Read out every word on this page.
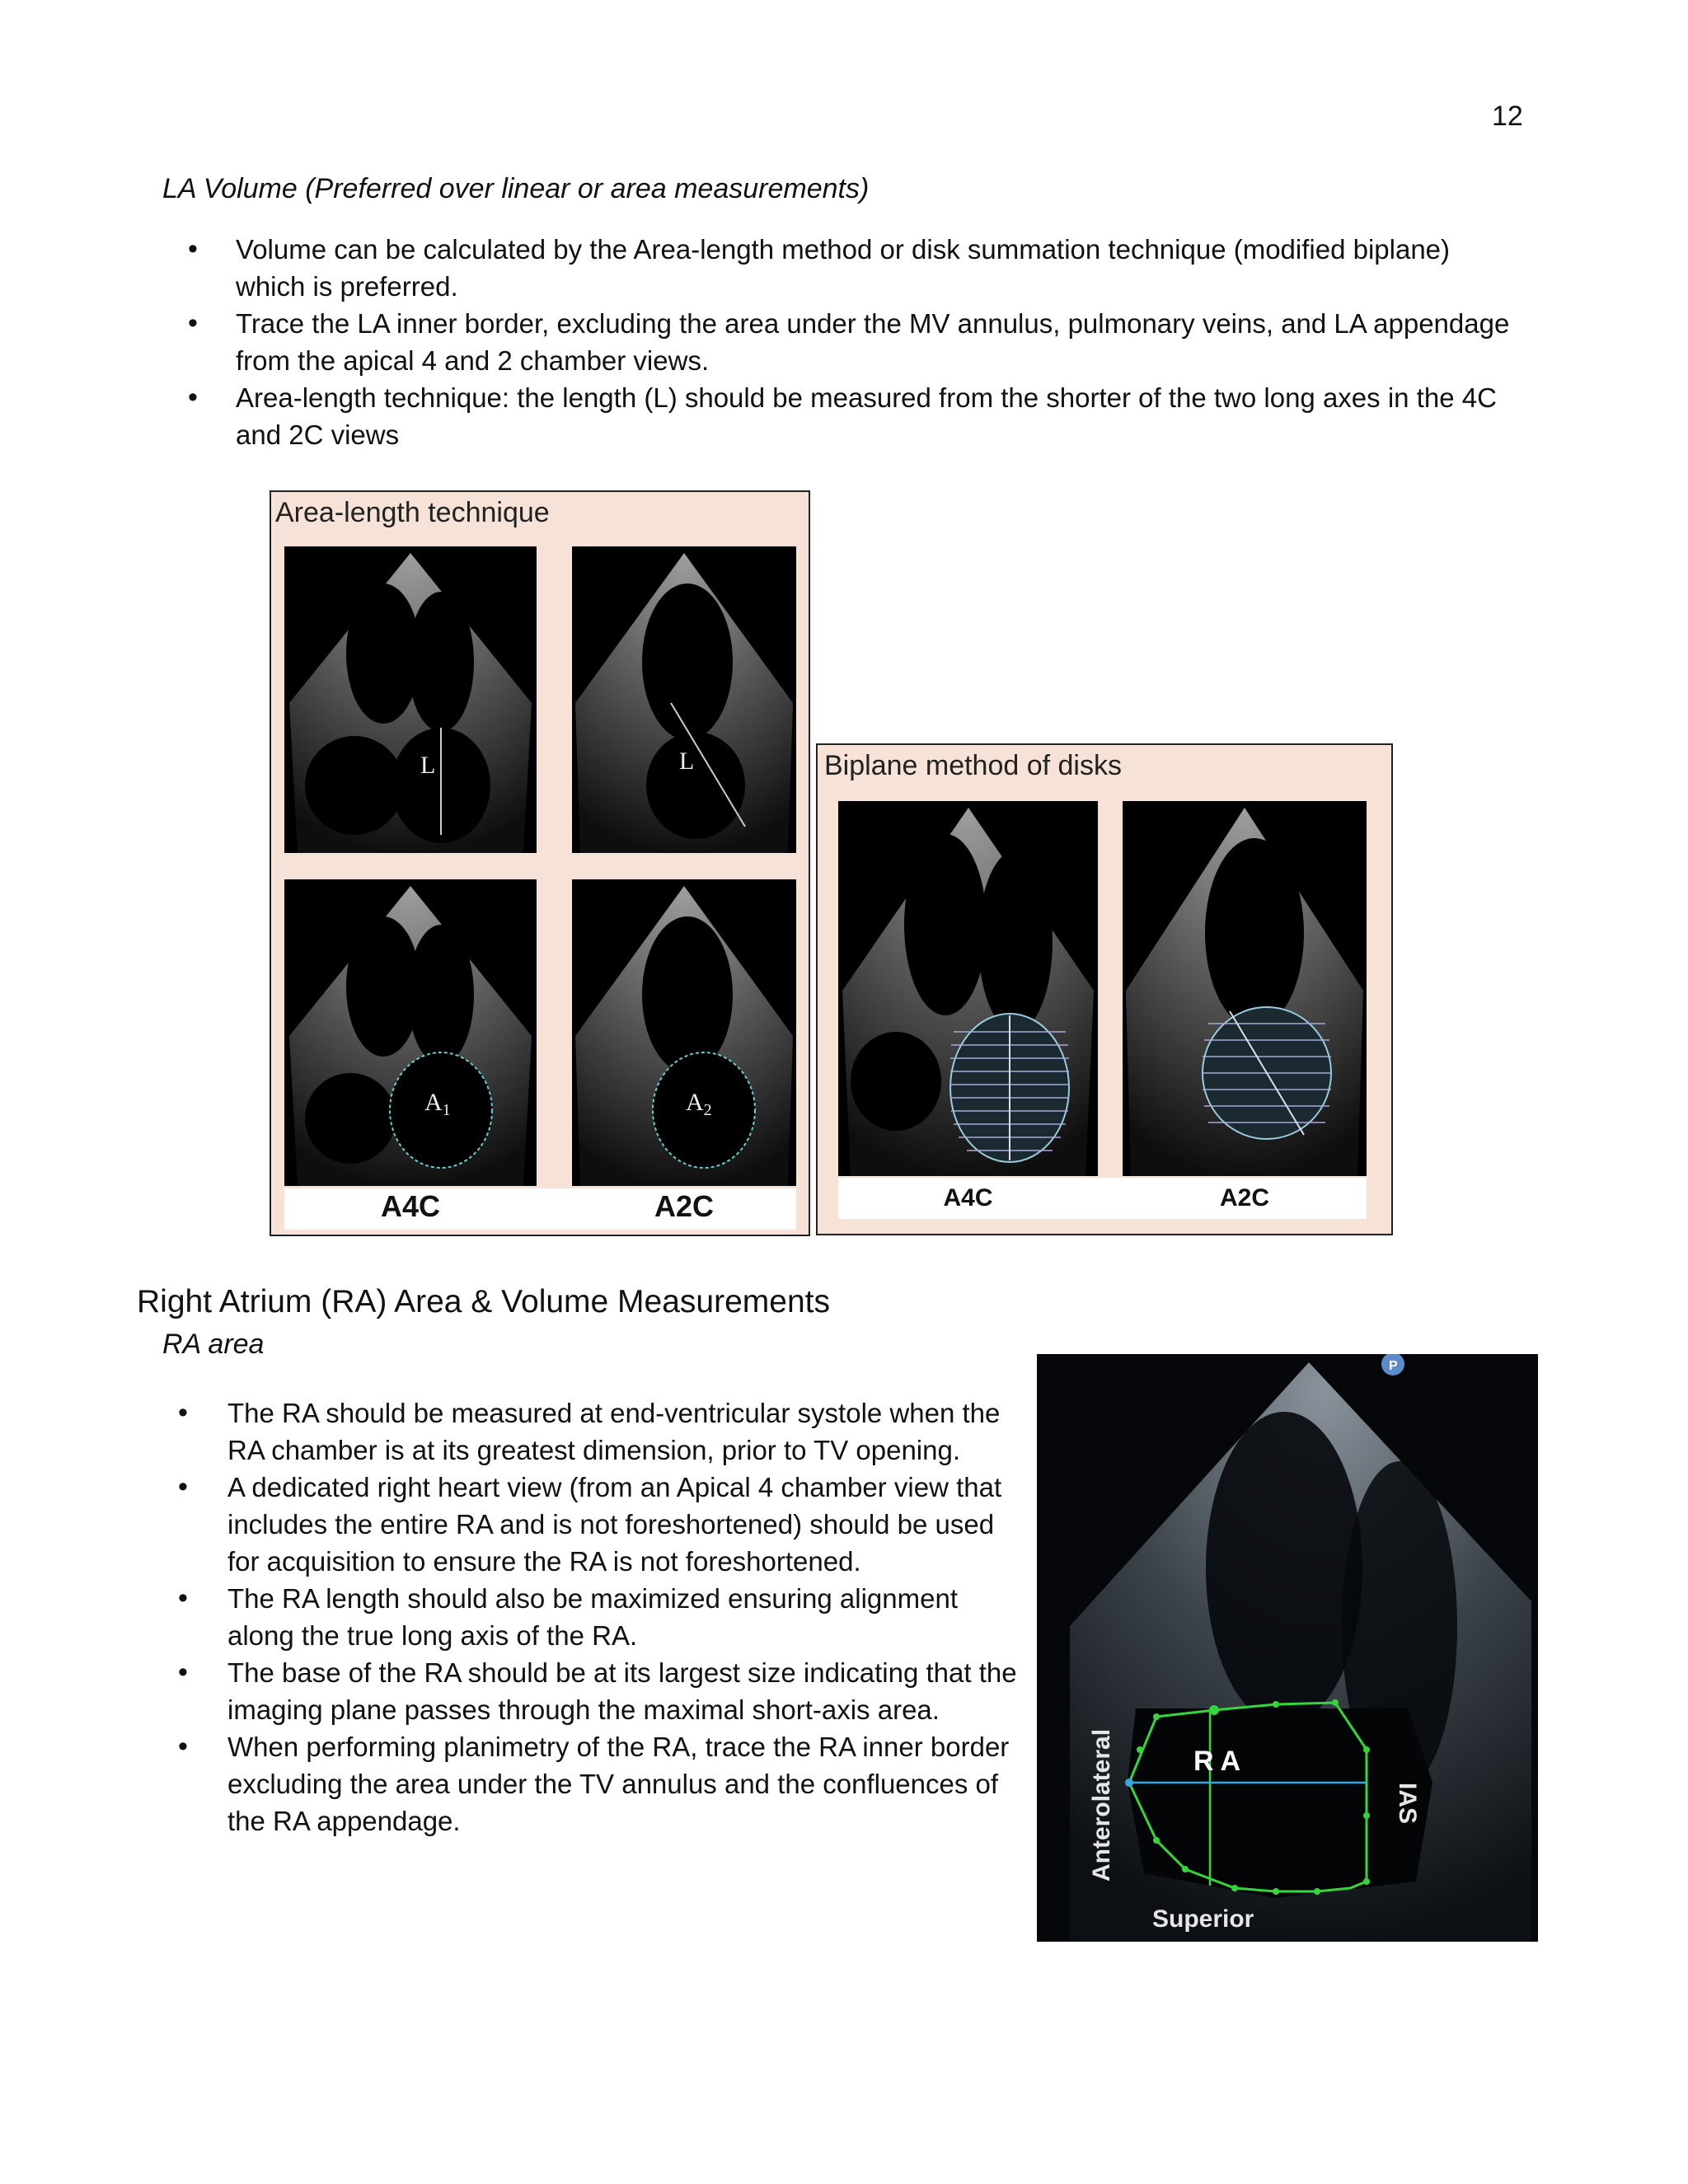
12
LA Volume (Preferred over linear or area measurements)
• Volume can be calculated by the Area-length method or disk summation technique (modified biplane) which is preferred.
• Trace the LA inner border, excluding the area under the MV annulus, pulmonary veins, and LA appendage from the apical 4 and 2 chamber views.
• Area-length technique: the length (L) should be measured from the shorter of the two long axes in the 4C and 2C views
Area-length technique
L	L
$A_1$	$A_2$
A4C	A2C
Biplane method of disks
A4C	A2C
Right Atrium (RA) Area & Volume Measurements
RA area
• The RA should be measured at end-ventricular systole when the RA chamber is at its greatest dimension, prior to TV opening.
• A dedicated right heart view (from an Apical 4 chamber view that includes the entire RA and is not foreshortened) should be used for acquisition to ensure the RA is not foreshortened.
• The RA length should also be maximized ensuring alignment along the true long axis of the RA.
• The base of the RA should be at its largest size indicating that the imaging plane passes through the maximal short-axis area.
• When performing planimetry of the RA, trace the RA inner border excluding the area under the TV annulus and the confluences of the RA appendage.
RA
Anterolateral	IAS
Superior
P
